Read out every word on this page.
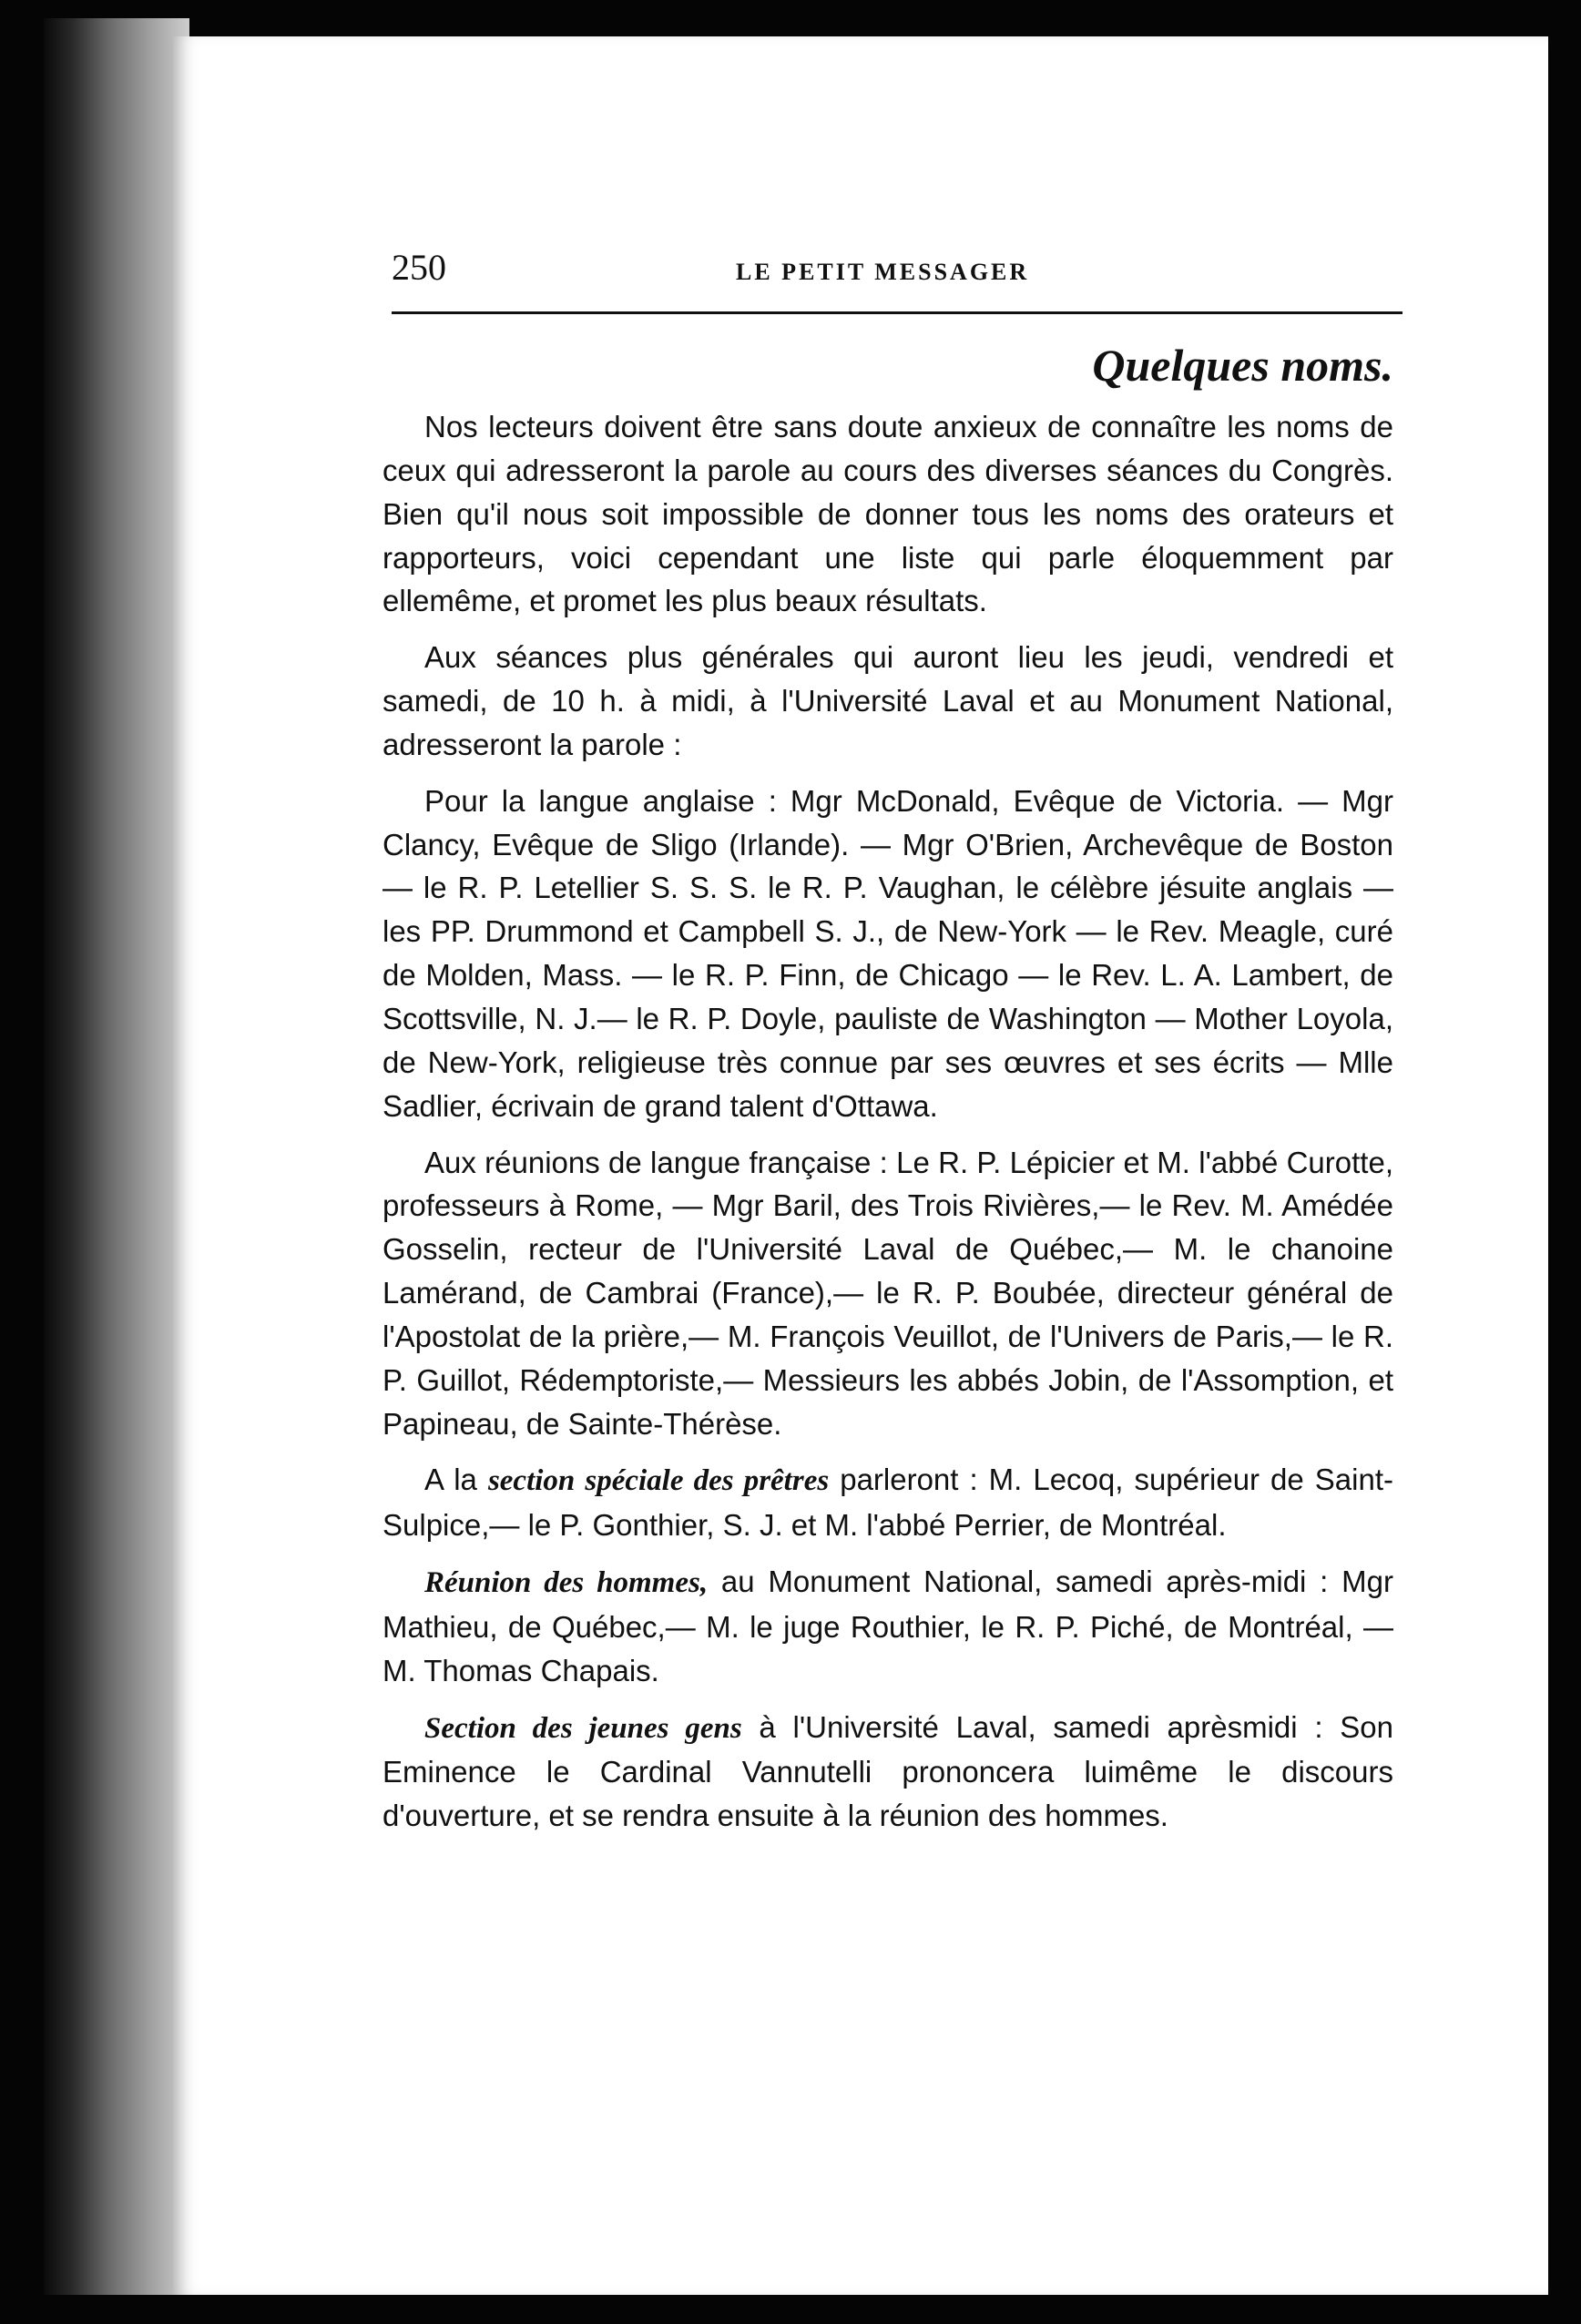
250	LE PETIT MESSAGER
Quelques noms.

Nos lecteurs doivent être sans doute anxieux de connaître les noms de ceux qui adresseront la parole au cours des diverses séances du Congrès. Bien qu'il nous soit impossible de donner tous les noms des orateurs et rapporteurs, voici cependant une liste qui parle éloquemment par ellemême, et promet les plus beaux résultats.

Aux séances plus générales qui auront lieu les jeudi, vendredi et samedi, de 10 h. à midi, à l'Université Laval et au Monument National, adresseront la parole :

Pour la langue anglaise : Mgr McDonald, Evêque de Victoria. — Mgr Clancy, Evêque de Sligo (Irlande). — Mgr O'Brien, Archevêque de Boston — le R. P. Letellier S. S. S. le R. P. Vaughan, le célèbre jésuite anglais — les PP. Drummond et Campbell S. J., de New-York — le Rev. Meagle, curé de Molden, Mass. — le R. P. Finn, de Chicago — le Rev. L. A. Lambert, de Scottsville, N. J.— le R. P. Doyle, pauliste de Washington — Mother Loyola, de New-York, religieuse très connue par ses œuvres et ses écrits — Mlle Sadlier, écrivain de grand talent d'Ottawa.

Aux réunions de langue française : Le R. P. Lépicier et M. l'abbé Curotte, professeurs à Rome, — Mgr Baril, des Trois Rivières,— le Rev. M. Amédée Gosselin, recteur de l'Université Laval de Québec,— M. le chanoine Lamérand, de Cambrai (France),— le R. P. Boubée, directeur général de l'Apostolat de la prière,— M. François Veuillot, de l'Univers de Paris,— le R. P. Guillot, Rédemptoriste,— Messieurs les abbés Jobin, de l'Assomption, et Papineau, de Sainte-Thérèse.

A la section spéciale des prêtres parleront : M. Lecoq, supérieur de Saint-Sulpice,— le P. Gonthier, S. J. et M. l'abbé Perrier, de Montréal.

Réunion des hommes, au Monument National, samedi après-midi : Mgr Mathieu, de Québec,— M. le juge Routhier, le R. P. Piché, de Montréal, — M. Thomas Chapais.

Section des jeunes gens à l'Université Laval, samedi aprèsmidi : Son Eminence le Cardinal Vannutelli prononcera luimême le discours d'ouverture, et se rendra ensuite à la réunion des hommes.
